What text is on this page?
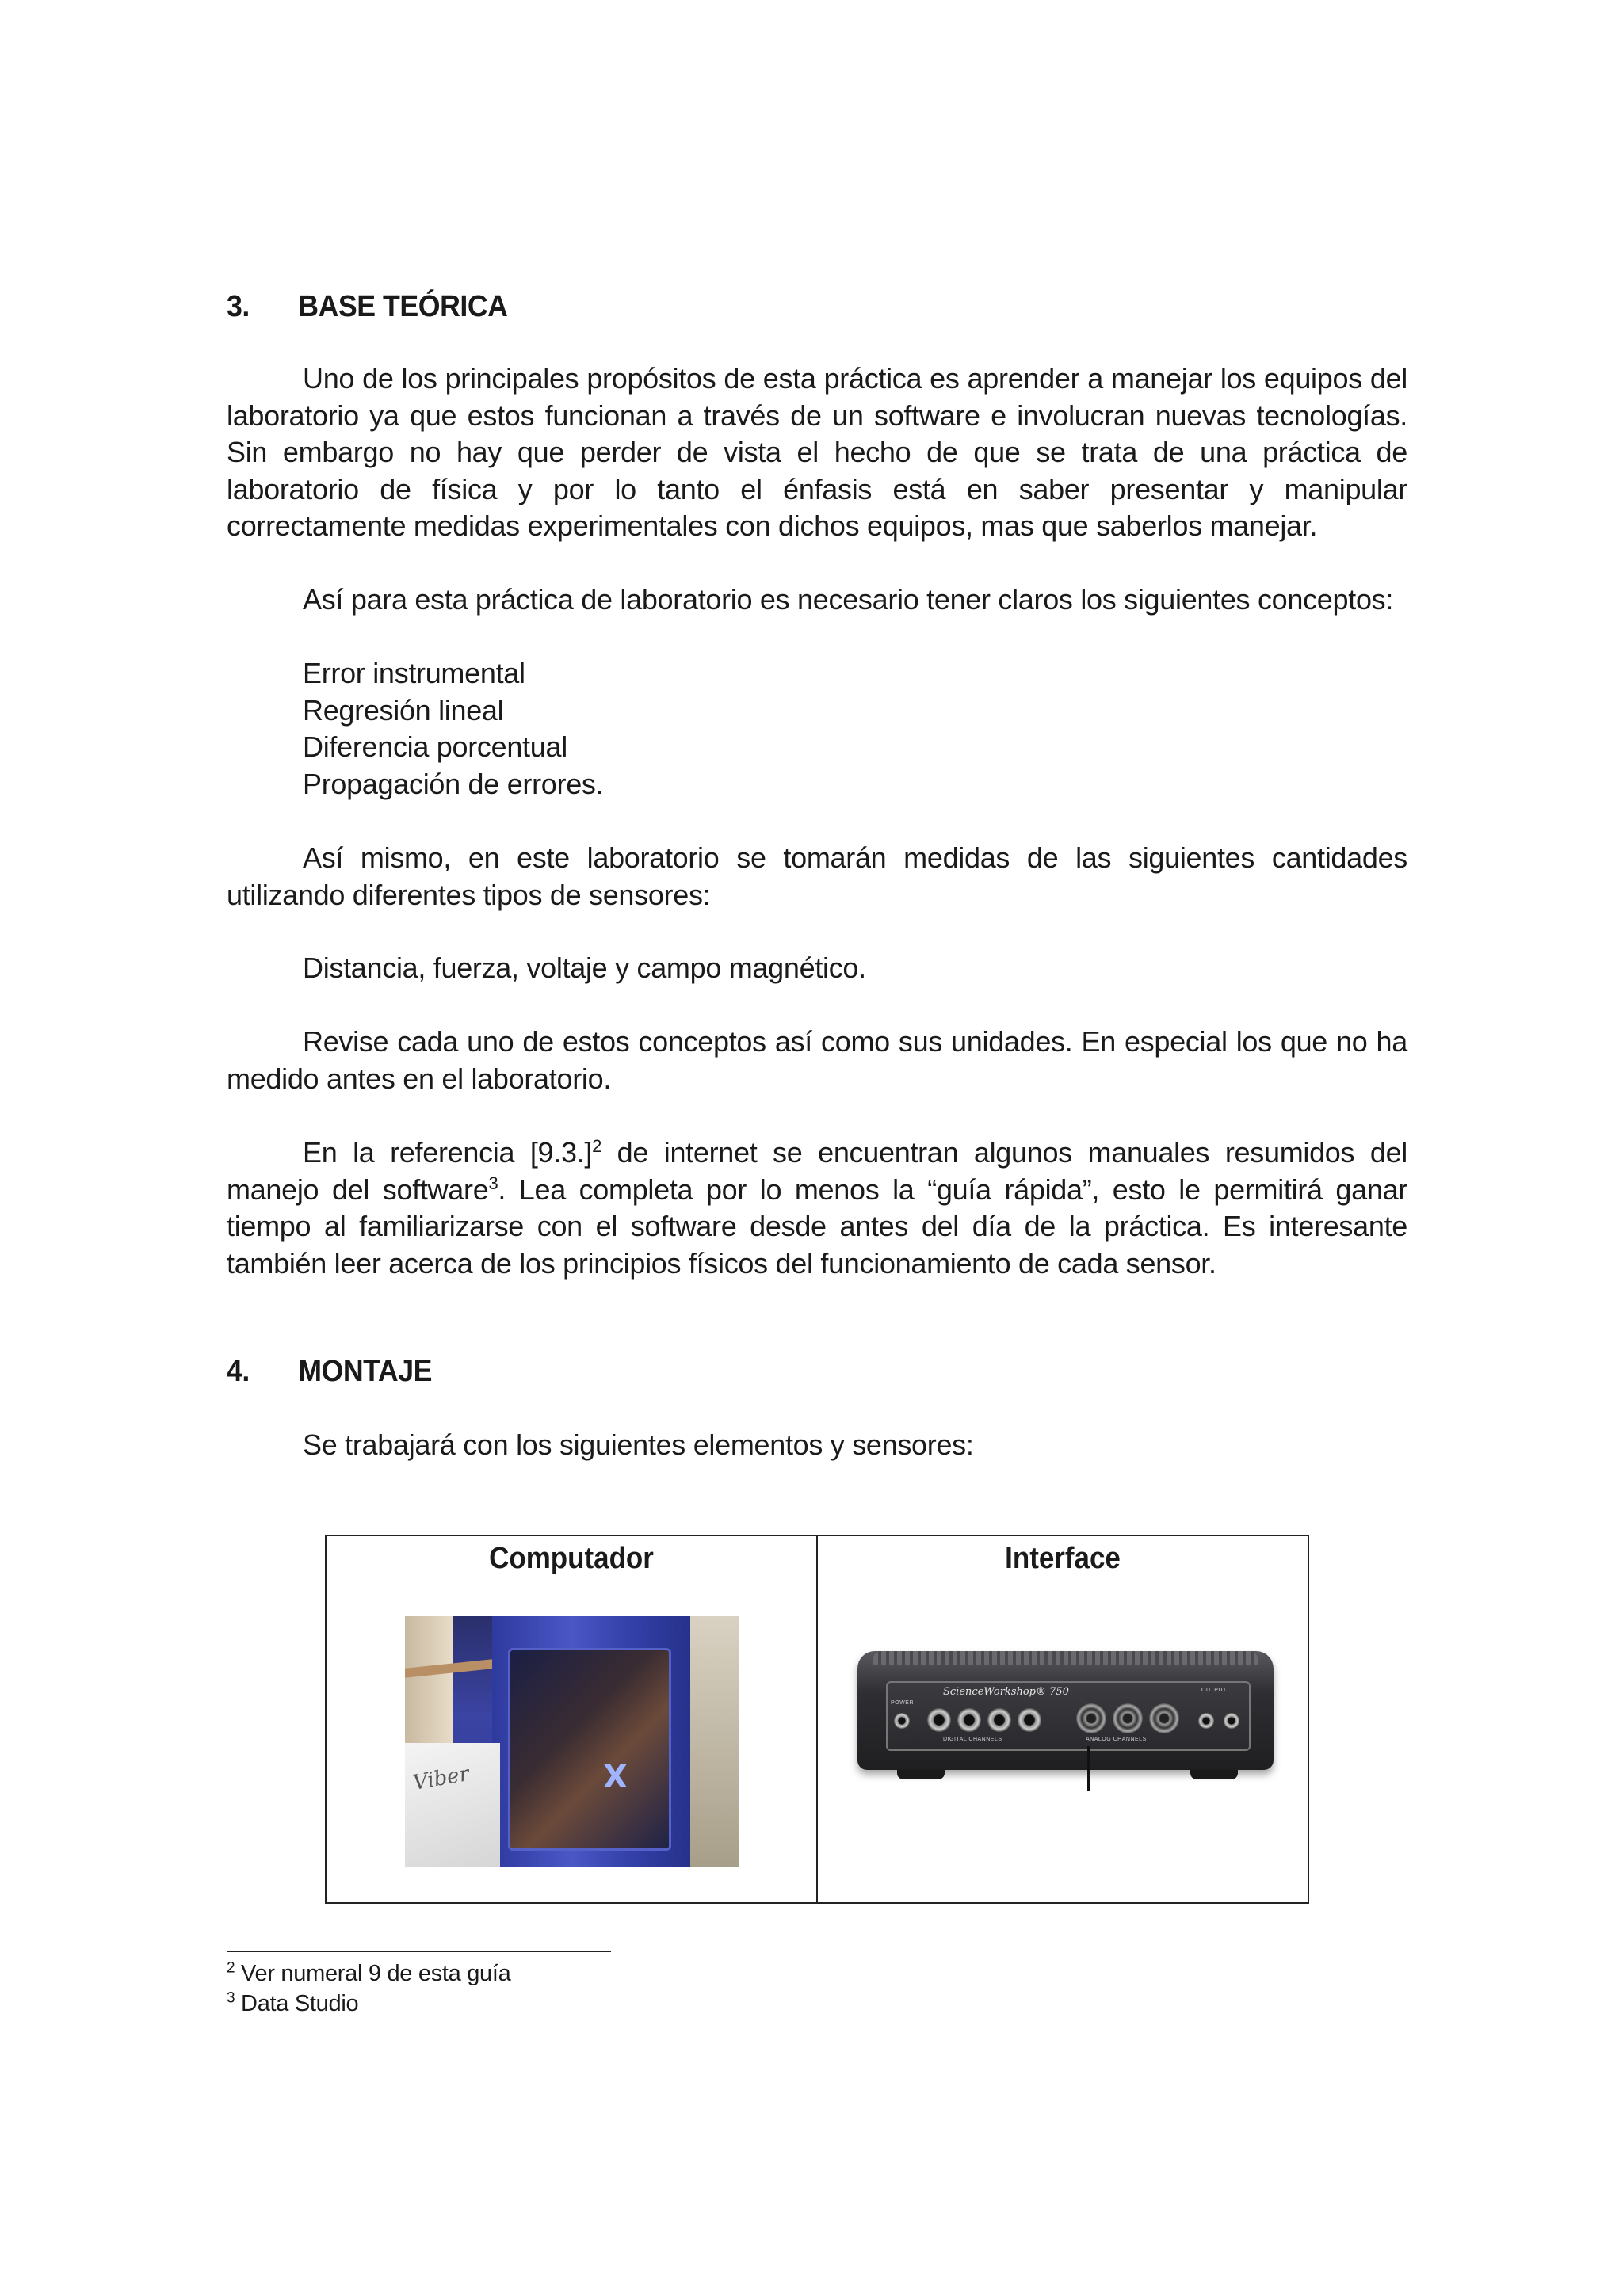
3. BASE TEÓRICA
Uno de los principales propósitos de esta práctica es aprender a manejar los equipos del laboratorio ya que estos funcionan a través de un software e involucran nuevas tecnologías. Sin embargo no hay que perder de vista el hecho de que se trata de una práctica de laboratorio de física y por lo tanto el énfasis está en saber presentar y manipular correctamente medidas experimentales con dichos equipos, mas que saberlos manejar.
Así para esta práctica de laboratorio es necesario tener claros los siguientes conceptos:
Error instrumental
Regresión lineal
Diferencia porcentual
Propagación de errores.
Así mismo, en este laboratorio se tomarán medidas de las siguientes cantidades utilizando diferentes tipos de sensores:
Distancia, fuerza, voltaje y campo magnético.
Revise cada uno de estos conceptos así como sus unidades. En especial los que no ha medido antes en el laboratorio.
En la referencia $[9.3.]^2$ de internet se encuentran algunos manuales resumidos del manejo del software$^3$. Lea completa por lo menos la “guía rápida”, esto le permitirá ganar tiempo al familiarizarse con el software desde antes del día de la práctica. Es interesante también leer acerca de los principios físicos del funcionamiento de cada sensor.
4. MONTAJE
Se trabajará con los siguientes elementos y sensores:
Computador
X
Viber
Interface
ScienceWorkshop® 750
POWER
DIGITAL CHANNELS	ANALOG CHANNELS
OUTPUT
$^2$ Ver numeral 9 de esta guía
$^3$ Data Studio
